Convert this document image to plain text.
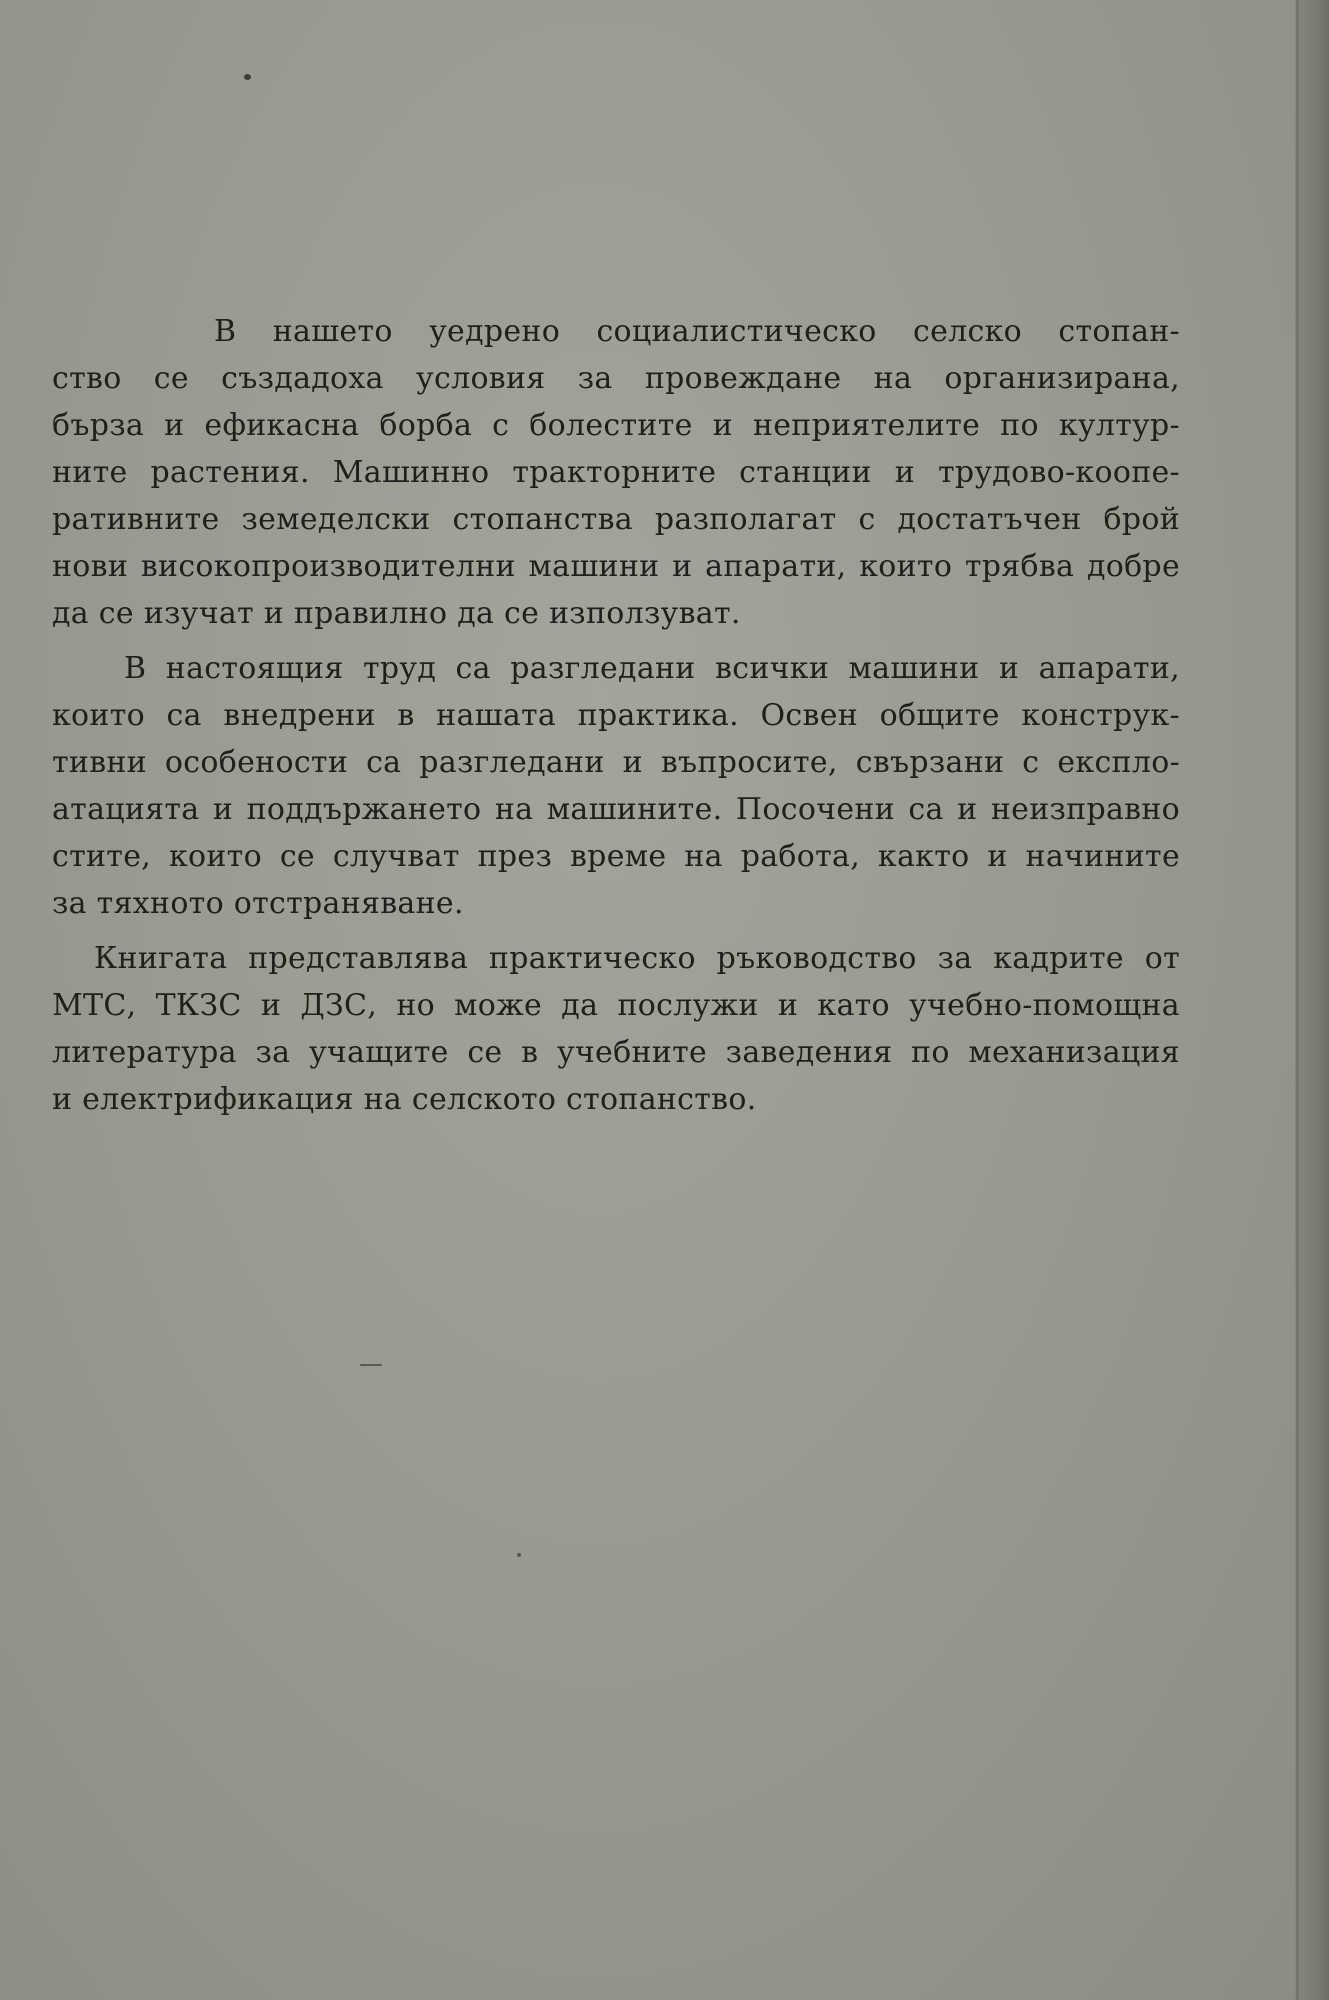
В нашето уедрено социалистическо селско стопан-
ство се създадоха условия за провеждане на организирана,
бърза и ефикасна борба с болестите и неприятелите по култур-
ните растения. Машинно тракторните станции и трудово-коопе-
ративните земеделски стопанства разполагат с достатъчен брой
нови високопроизводителни машини и апарати, които трябва добре
да се изучат и правилно да се използуват.
В настоящия труд са разгледани всички машини и апарати,
които са внедрени в нашата практика. Освен общите конструк-
тивни особености са разгледани и въпросите, свързани с експло-
атацията и поддържането на машините. Посочени са и неизправно
стите, които се случват през време на работа, както и начините
за тяхното отстраняване.
Книгата представлява практическо ръководство за кадрите от
МТС, ТКЗС и ДЗС, но може да послужи и като учебно-помощна
литература за учащите се в учебните заведения по механизация
и електрификация на селското стопанство.
